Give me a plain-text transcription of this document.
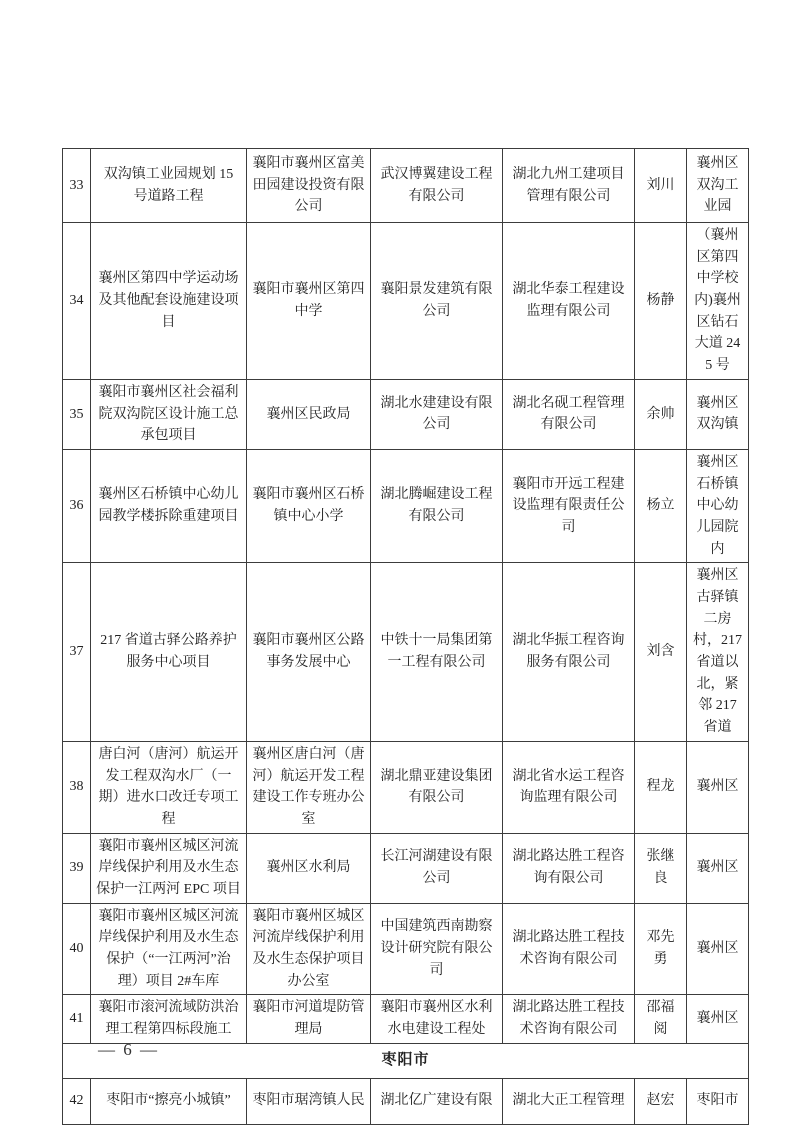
33	双沟镇工业园规划 15 号道路工程	襄阳市襄州区富美田园建设投资有限公司	武汉博翼建设工程有限公司	湖北九州工建项目管理有限公司	刘川	襄州区双沟工业园
34	襄州区第四中学运动场及其他配套设施建设项目	襄阳市襄州区第四中学	襄阳景发建筑有限公司	湖北华泰工程建设监理有限公司	杨静	（襄州区第四中学校内)襄州区钻石大道 245 号
35	襄阳市襄州区社会福利院双沟院区设计施工总承包项目	襄州区民政局	湖北水建建设有限公司	湖北名砚工程管理有限公司	余帅	襄州区双沟镇
36	襄州区石桥镇中心幼儿园教学楼拆除重建项目	襄阳市襄州区石桥镇中心小学	湖北腾崛建设工程有限公司	襄阳市开远工程建设监理有限责任公司	杨立	襄州区石桥镇中心幼儿园院内
37	217 省道古驿公路养护服务中心项目	襄阳市襄州区公路事务发展中心	中铁十一局集团第一工程有限公司	湖北华振工程咨询服务有限公司	刘含	襄州区古驿镇二房村，217 省道以北，紧邻 217 省道
38	唐白河（唐河）航运开发工程双沟水厂（一期）进水口改迁专项工程	襄州区唐白河（唐河）航运开发工程建设工作专班办公室	湖北鼎亚建设集团有限公司	湖北省水运工程咨询监理有限公司	程龙	襄州区
39	襄阳市襄州区城区河流岸线保护利用及水生态保护一江两河 EPC 项目	襄州区水利局	长江河湖建设有限公司	湖北路达胜工程咨询有限公司	张继良	襄州区
40	襄阳市襄州区城区河流岸线保护利用及水生态保护（“一江两河”治理）项目 2#车库	襄阳市襄州区城区河流岸线保护利用及水生态保护项目办公室	中国建筑西南勘察设计研究院有限公司	湖北路达胜工程技术咨询有限公司	邓先勇	襄州区
41	襄阳市滚河流域防洪治理工程第四标段施工	襄阳市河道堤防管理局	襄阳市襄州区水利水电建设工程处	湖北路达胜工程技术咨询有限公司	邵福阅	襄州区
枣阳市						
42	枣阳市“擦亮小城镇”	枣阳市琚湾镇人民	湖北亿广建设有限	湖北大正工程管理	赵宏	枣阳市
— 6 —
